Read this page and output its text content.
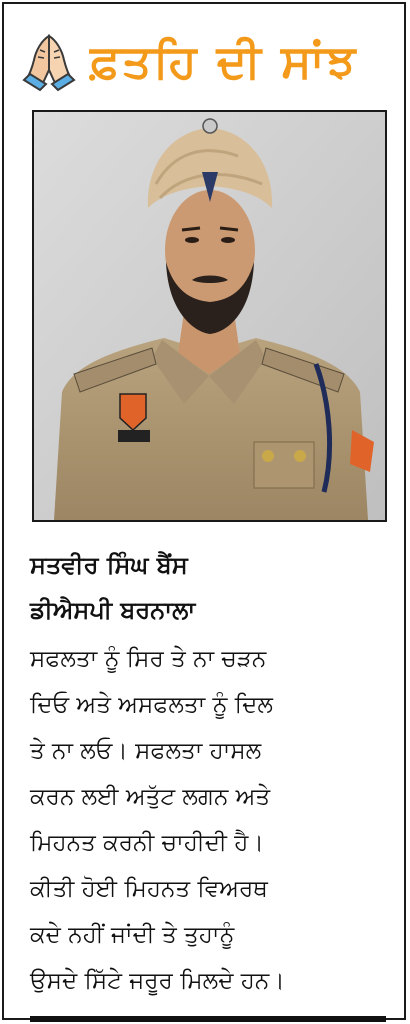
ਫ਼ਤਹਿ ਦੀ ਸਾਂਝ
ਸਤਵੀਰ ਸਿੰਘ ਬੈਂਸ
ਡੀਐਸਪੀ ਬਰਨਾਲਾ
ਸਫਲਤਾ ਨੂੰ ਸਿਰ ਤੇ ਨਾ ਚੜਨ
ਦਿਓ ਅਤੇ ਅਸਫਲਤਾ ਨੂੰ ਦਿਲ
ਤੇ ਨਾ ਲਓ। ਸਫਲਤਾ ਹਾਸਲ
ਕਰਨ ਲਈ ਅਤੁੱਟ ਲਗਨ ਅਤੇ
ਮਿਹਨਤ ਕਰਨੀ ਚਾਹੀਦੀ ਹੈ।
ਕੀਤੀ ਹੋਈ ਮਿਹਨਤ ਵਿਅਰਥ
ਕਦੇ ਨਹੀਂ ਜਾਂਦੀ ਤੇ ਤੁਹਾਨੂੰ
ਉਸਦੇ ਸਿੱਟੇ ਜਰੂਰ ਮਿਲਦੇ ਹਨ।
